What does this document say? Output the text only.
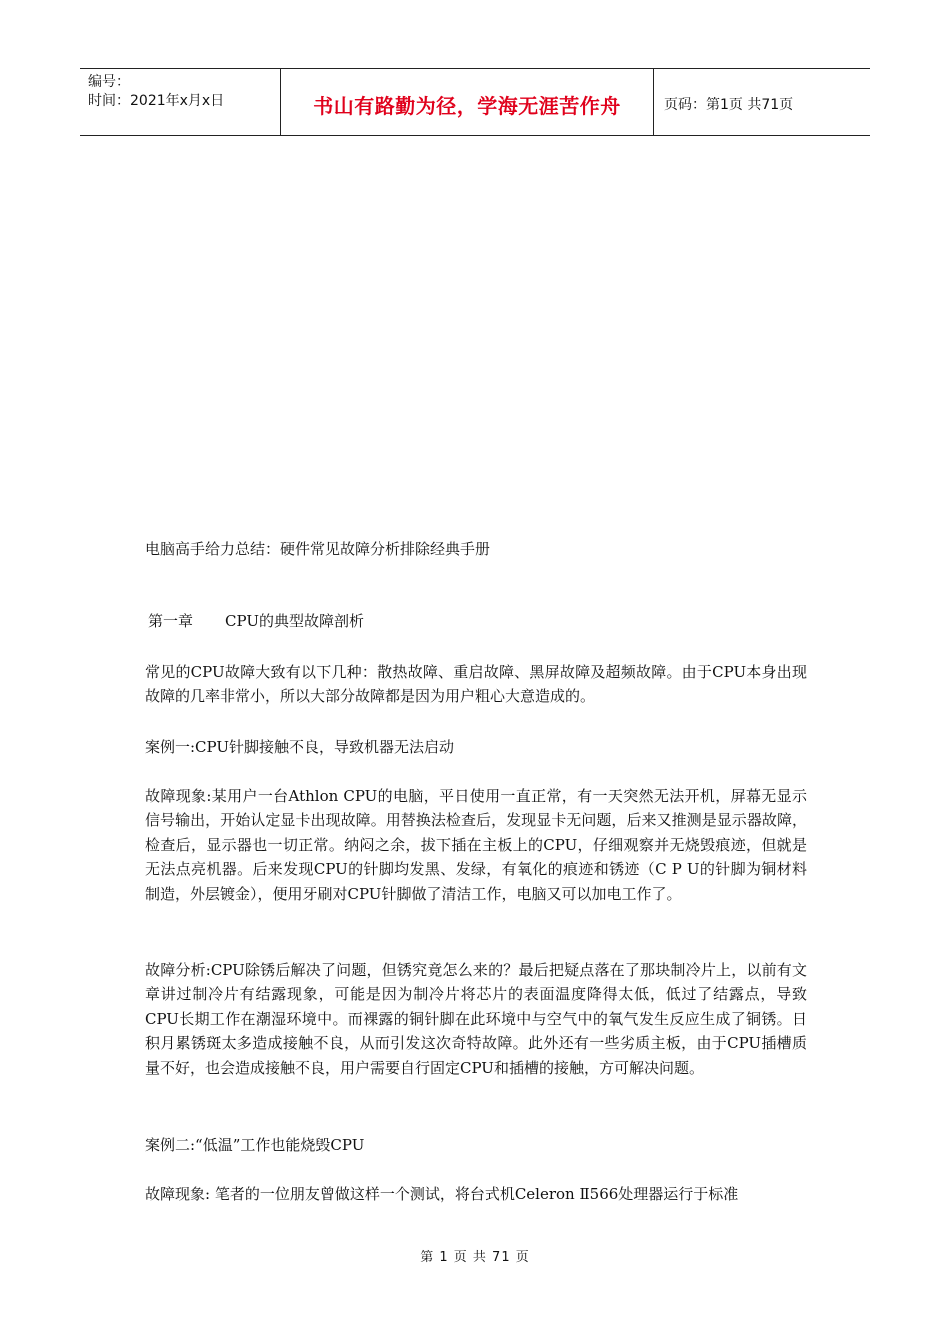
编号：
时间：2021年x月x日	书山有路勤为径，学海无涯苦作舟	页码：第1页 共71页

电脑高手给力总结：硬件常见故障分析排除经典手册

第一章 CPU的典型故障剖析

常见的CPU故障大致有以下几种：散热故障、重启故障、黑屏故障及超频故障。由于CPU本身出现故障的几率非常小，所以大部分故障都是因为用户粗心大意造成的。

案例一:CPU针脚接触不良，导致机器无法启动

故障现象:某用户一台Athlon CPU的电脑，平日使用一直正常，有一天突然无法开机，屏幕无显示信号输出，开始认定显卡出现故障。用替换法检查后，发现显卡无问题，后来又推测是显示器故障，检查后，显示器也一切正常。纳闷之余，拔下插在主板上的CPU，仔细观察并无烧毁痕迹，但就是无法点亮机器。后来发现CPU的针脚均发黑、发绿，有氧化的痕迹和锈迹（C P U的针脚为铜材料制造，外层镀金），便用牙刷对CPU针脚做了清洁工作，电脑又可以加电工作了。

故障分析:CPU除锈后解决了问题，但锈究竟怎么来的？最后把疑点落在了那块制冷片上，以前有文章讲过制冷片有结露现象，可能是因为制冷片将芯片的表面温度降得太低，低过了结露点，导致CPU长期工作在潮湿环境中。而裸露的铜针脚在此环境中与空气中的氧气发生反应生成了铜锈。日积月累锈斑太多造成接触不良，从而引发这次奇特故障。此外还有一些劣质主板，由于CPU插槽质量不好，也会造成接触不良，用户需要自行固定CPU和插槽的接触，方可解决问题。

案例二:“低温”工作也能烧毁CPU

故障现象: 笔者的一位朋友曾做这样一个测试，将台式机Celeron Ⅱ566处理器运行于标准

第 1 页 共 71 页
